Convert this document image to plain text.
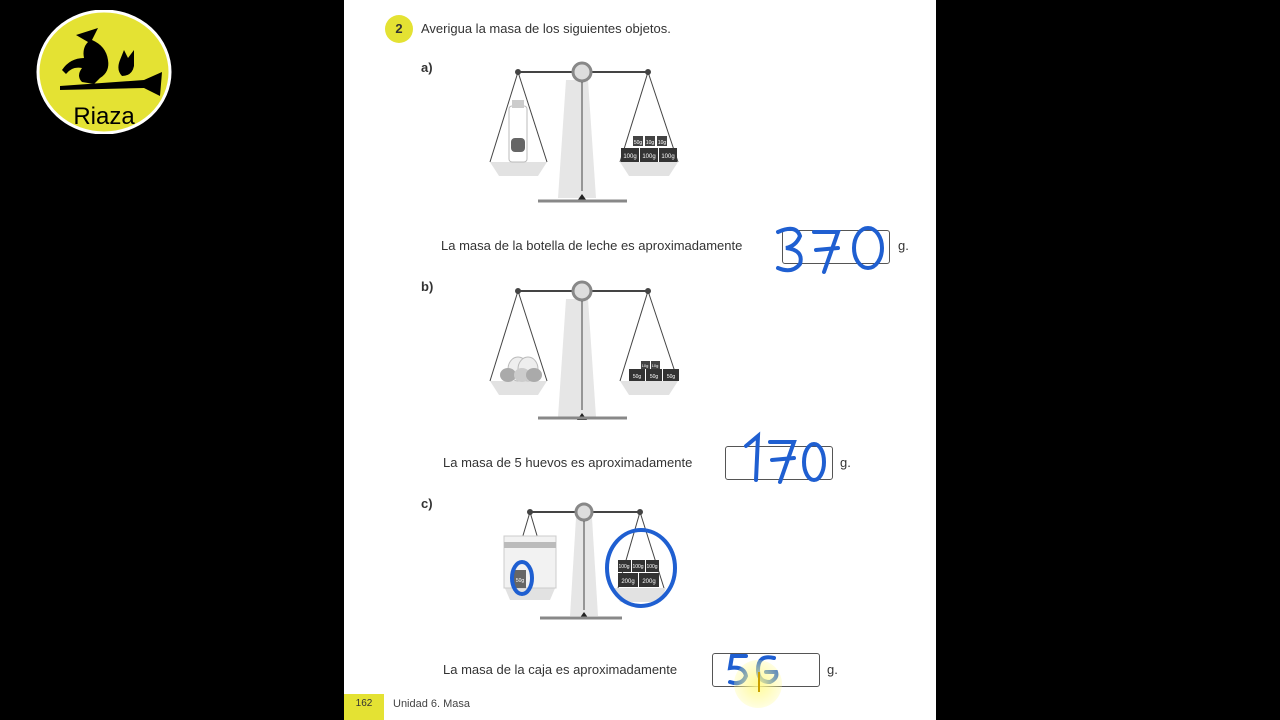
Riaza
2	Averigua la masa de los siguientes objetos.
a)
100g 100g 100g
50g 10g 10g
La masa de la botella de leche es aproximadamente	g.
b)
50g 50g 50g
10g 10g
La masa de 5 huevos es aproximadamente	g.
c)
50g
100g 100g 100g
200g 200g
La masa de la caja es aproximadamente	g.
162	Unidad 6. Masa
